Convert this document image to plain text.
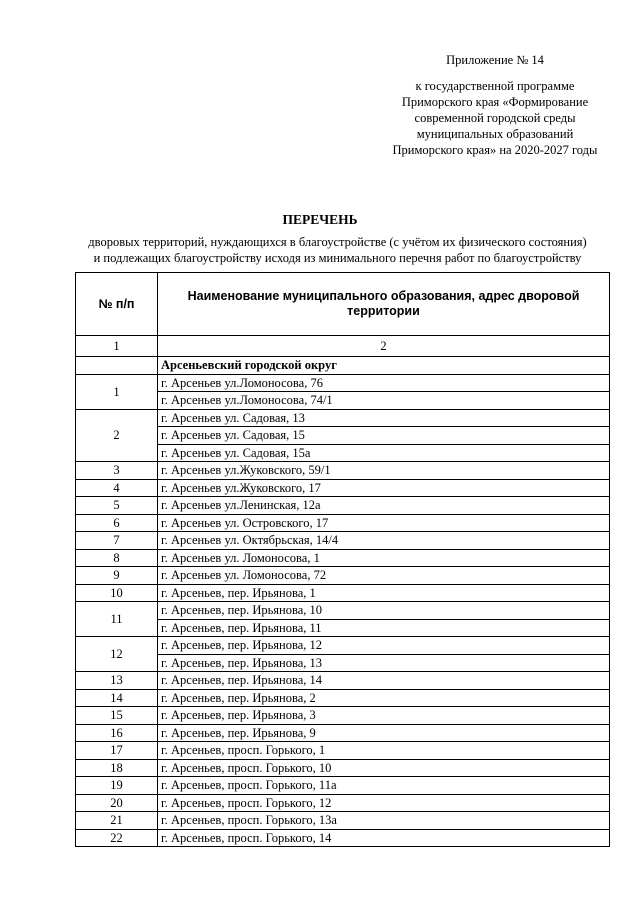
Приложение № 14
к государственной программе
Приморского края «Формирование
современной городской среды
муниципальных образований
Приморского края» на 2020-2027 годы
ПЕРЕЧЕНЬ
дворовых территорий, нуждающихся в благоустройстве (с учётом их физического состояния)
и подлежащих благоустройству исходя из минимального перечня работ по благоустройству
№ п/п	Наименование муниципального образования, адрес дворовой территории
1	2
	Арсеньевский городской округ
1	г. Арсеньев ул.Ломоносова, 76
	г. Арсеньев ул.Ломоносова, 74/1
2	г. Арсеньев ул. Садовая, 13
	г. Арсеньев ул. Садовая, 15
	г. Арсеньев ул. Садовая, 15а
3	г. Арсеньев ул.Жуковского, 59/1
4	г. Арсеньев ул.Жуковского, 17
5	г. Арсеньев ул.Ленинская, 12а
6	г. Арсеньев ул. Островского, 17
7	г. Арсеньев ул. Октябрьская, 14/4
8	г. Арсеньев ул. Ломоносова, 1
9	г. Арсеньев ул. Ломоносова, 72
10	г. Арсеньев, пер. Ирьянова, 1
11	г. Арсеньев, пер. Ирьянова, 10
	г. Арсеньев, пер. Ирьянова, 11
12	г. Арсеньев, пер. Ирьянова, 12
	г. Арсеньев, пер. Ирьянова, 13
13	г. Арсеньев, пер. Ирьянова, 14
14	г. Арсеньев, пер. Ирьянова, 2
15	г. Арсеньев, пер. Ирьянова, 3
16	г. Арсеньев, пер. Ирьянова, 9
17	г. Арсеньев, просп. Горького, 1
18	г. Арсеньев, просп. Горького, 10
19	г. Арсеньев, просп. Горького, 11а
20	г. Арсеньев, просп. Горького, 12
21	г. Арсеньев, просп. Горького, 13а
22	г. Арсеньев, просп. Горького, 14
